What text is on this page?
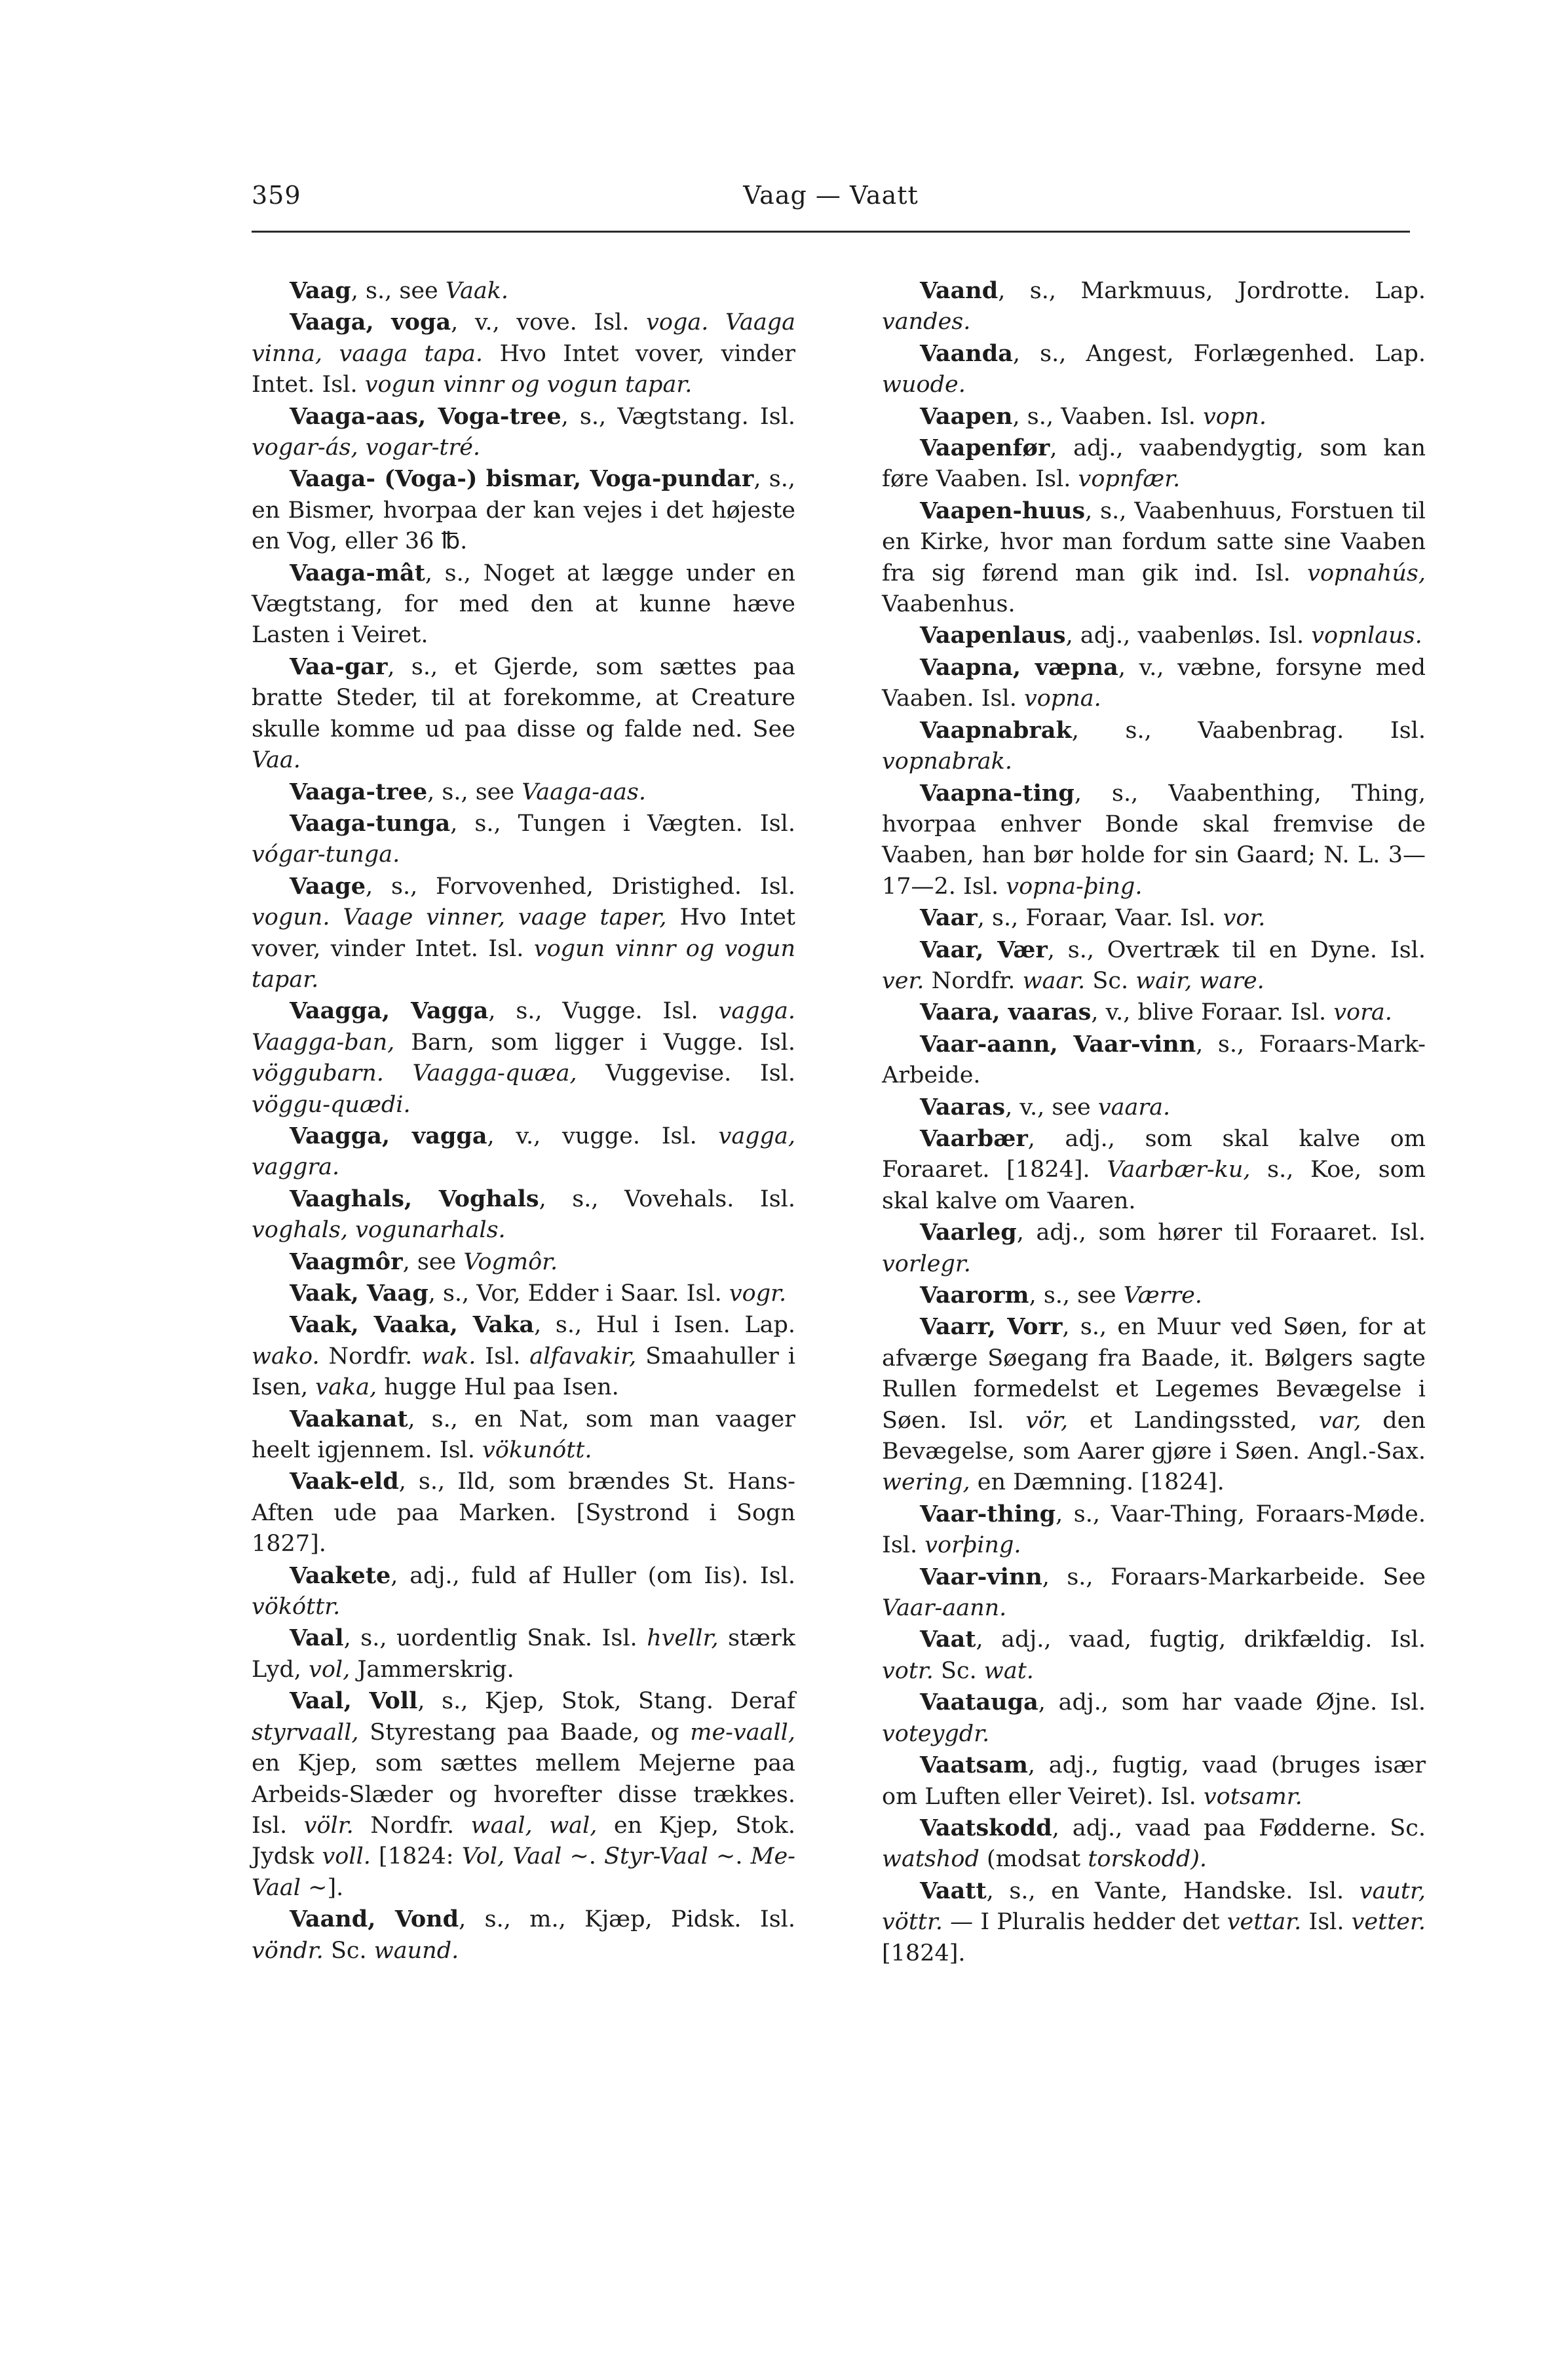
359	Vaag — Vaatt

Vaag, s., see Vaak.

Vaaga, voga, v., vove. Isl. voga. Vaaga vinna, vaaga tapa. Hvo Intet vover, vinder Intet. Isl. vogun vinnr og vogun tapar.

Vaaga-aas, Voga-tree, s., Vægtstang. Isl. vogar-ás, vogar-tré.

Vaaga- (Voga-) bismar, Voga-pundar, s., en Bismer, hvorpaa der kan vejes i det højeste en Vog, eller 36 ℔.

Vaaga-mât, s., Noget at lægge under en Vægtstang, for med den at kunne hæve Lasten i Veiret.

Vaa-gar, s., et Gjerde, som sættes paa bratte Steder, til at forekomme, at Creature skulle komme ud paa disse og falde ned. See Vaa.

Vaaga-tree, s., see Vaaga-aas.

Vaaga-tunga, s., Tungen i Vægten. Isl. vógar-tunga.

Vaage, s., Forvovenhed, Dristighed. Isl. vogun. Vaage vinner, vaage taper, Hvo Intet vover, vinder Intet. Isl. vogun vinnr og vogun tapar.

Vaagga, Vagga, s., Vugge. Isl. vagga. Vaagga-ban, Barn, som ligger i Vugge. Isl. vöggubarn. Vaagga-quæa, Vuggevise. Isl. vöggu-quædi.

Vaagga, vagga, v., vugge. Isl. vagga, vaggra.

Vaaghals, Voghals, s., Vovehals. Isl. voghals, vogunarhals.

Vaagmôr, see Vogmôr.

Vaak, Vaag, s., Vor, Edder i Saar. Isl. vogr.

Vaak, Vaaka, Vaka, s., Hul i Isen. Lap. wako. Nordfr. wak. Isl. alfavakir, Smaahuller i Isen, vaka, hugge Hul paa Isen.

Vaakanat, s., en Nat, som man vaager heelt igjennem. Isl. vökunótt.

Vaak-eld, s., Ild, som brændes St. Hans-Aften ude paa Marken. [Systrond i Sogn 1827].

Vaakete, adj., fuld af Huller (om Iis). Isl. vökóttr.

Vaal, s., uordentlig Snak. Isl. hvellr, stærk Lyd, vol, Jammerskrig.

Vaal, Voll, s., Kjep, Stok, Stang. Deraf styrvaall, Styrestang paa Baade, og me-vaall, en Kjep, som sættes mellem Mejerne paa Arbeids-Slæder og hvorefter disse trækkes. Isl. völr. Nordfr. waal, wal, en Kjep, Stok. Jydsk voll. [1824: Vol, Vaal ∼. Styr-Vaal ∼. Me-Vaal ∼].

Vaand, Vond, s., m., Kjæp, Pidsk. Isl. vöndr. Sc. waund.

Vaand, s., Markmuus, Jordrotte. Lap. vandes.

Vaanda, s., Angest, Forlægenhed. Lap. wuode.

Vaapen, s., Vaaben. Isl. vopn.

Vaapenfør, adj., vaabendygtig, som kan føre Vaaben. Isl. vopnfær.

Vaapen-huus, s., Vaabenhuus, Forstuen til en Kirke, hvor man fordum satte sine Vaaben fra sig førend man gik ind. Isl. vopnahús, Vaabenhus.

Vaapenlaus, adj., vaabenløs. Isl. vopnlaus.

Vaapna, væpna, v., væbne, forsyne med Vaaben. Isl. vopna.

Vaapnabrak, s., Vaabenbrag. Isl. vopnabrak.

Vaapna-ting, s., Vaabenthing, Thing, hvorpaa enhver Bonde skal fremvise de Vaaben, han bør holde for sin Gaard; N. L. 3—17—2. Isl. vopna-þing.

Vaar, s., Foraar, Vaar. Isl. vor.

Vaar, Vær, s., Overtræk til en Dyne. Isl. ver. Nordfr. waar. Sc. wair, ware.

Vaara, vaaras, v., blive Foraar. Isl. vora.

Vaar-aann, Vaar-vinn, s., Foraars-Mark-Arbeide.

Vaaras, v., see vaara.

Vaarbær, adj., som skal kalve om Foraaret. [1824]. Vaarbær-ku, s., Koe, som skal kalve om Vaaren.

Vaarleg, adj., som hører til Foraaret. Isl. vorlegr.

Vaarorm, s., see Værre.

Vaarr, Vorr, s., en Muur ved Søen, for at afværge Søegang fra Baade, it. Bølgers sagte Rullen formedelst et Legemes Bevægelse i Søen. Isl. vör, et Landingssted, var, den Bevægelse, som Aarer gjøre i Søen. Angl.-Sax. wering, en Dæmning. [1824].

Vaar-thing, s., Vaar-Thing, Foraars-Møde. Isl. vorþing.

Vaar-vinn, s., Foraars-Markarbeide. See Vaar-aann.

Vaat, adj., vaad, fugtig, drikfældig. Isl. votr. Sc. wat.

Vaatauga, adj., som har vaade Øjne. Isl. voteygdr.

Vaatsam, adj., fugtig, vaad (bruges især om Luften eller Veiret). Isl. votsamr.

Vaatskodd, adj., vaad paa Fødderne. Sc. watshod (modsat torskodd).

Vaatt, s., en Vante, Handske. Isl. vautr, vöttr. — I Pluralis hedder det vettar. Isl. vetter. [1824].
